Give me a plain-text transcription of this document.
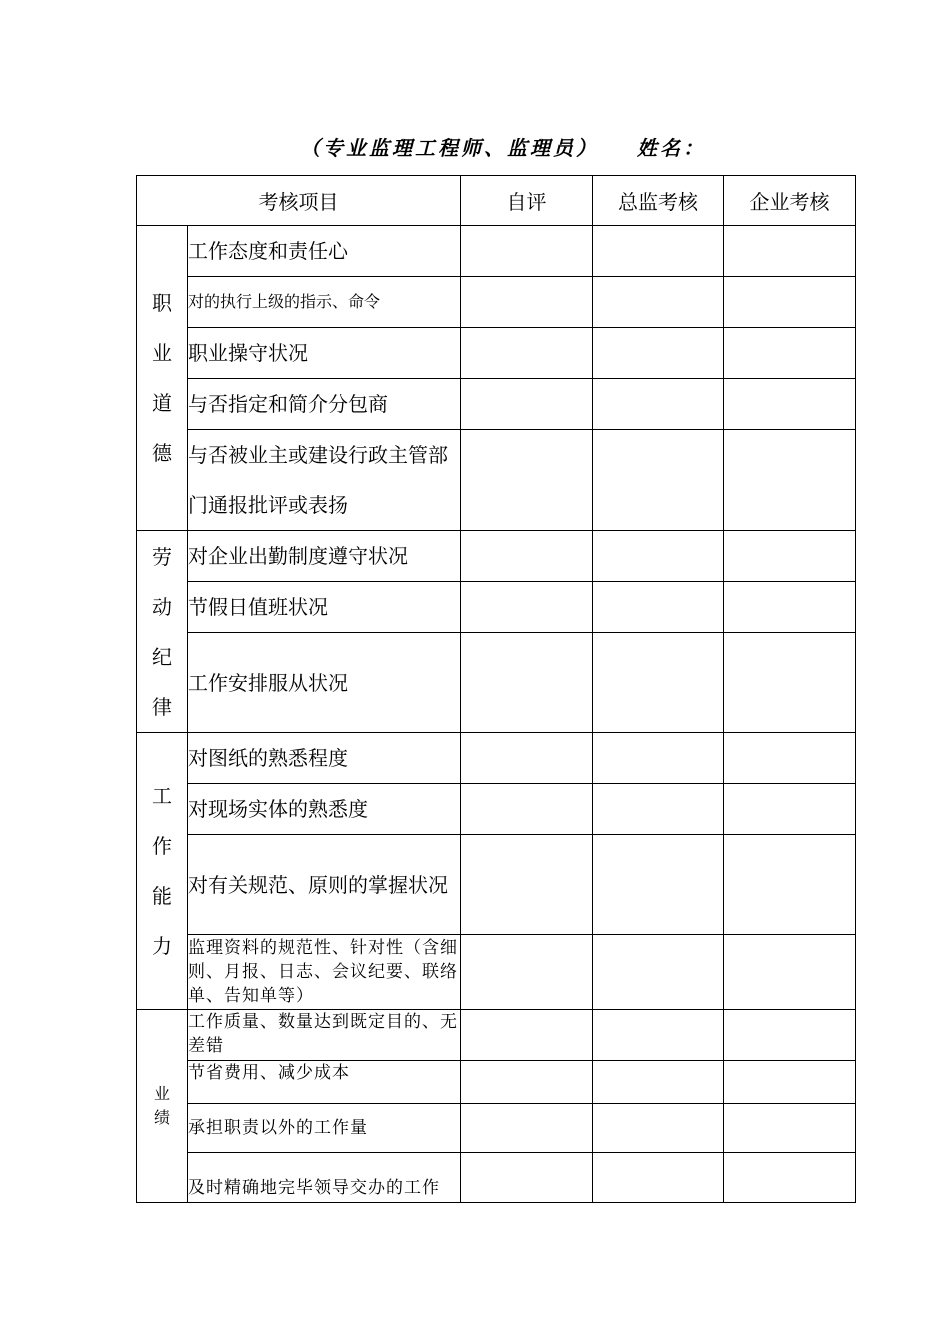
（专业监理工程师、监理员） 姓名：
考核项目		自评	总监考核	企业考核

职
业
道
德	工作态度和责任心			
	对的执行上级的指示、命令			
	职业操守状况			
	与否指定和简介分包商			
	与否被业主或建设行政主管部门通报批评或表扬			

劳
动
纪
律	对企业出勤制度遵守状况			
	节假日值班状况			
	工作安排服从状况			

工
作
能
力	对图纸的熟悉程度			
	对现场实体的熟悉度			
	对有关规范、原则的掌握状况			
	监理资料的规范性、针对性（含细则、月报、日志、会议纪要、联络单、告知单等）			

业
绩	工作质量、数量达到既定目的、无差错			
	节省费用、减少成本			
	承担职责以外的工作量			
	及时精确地完毕领导交办的工作			
